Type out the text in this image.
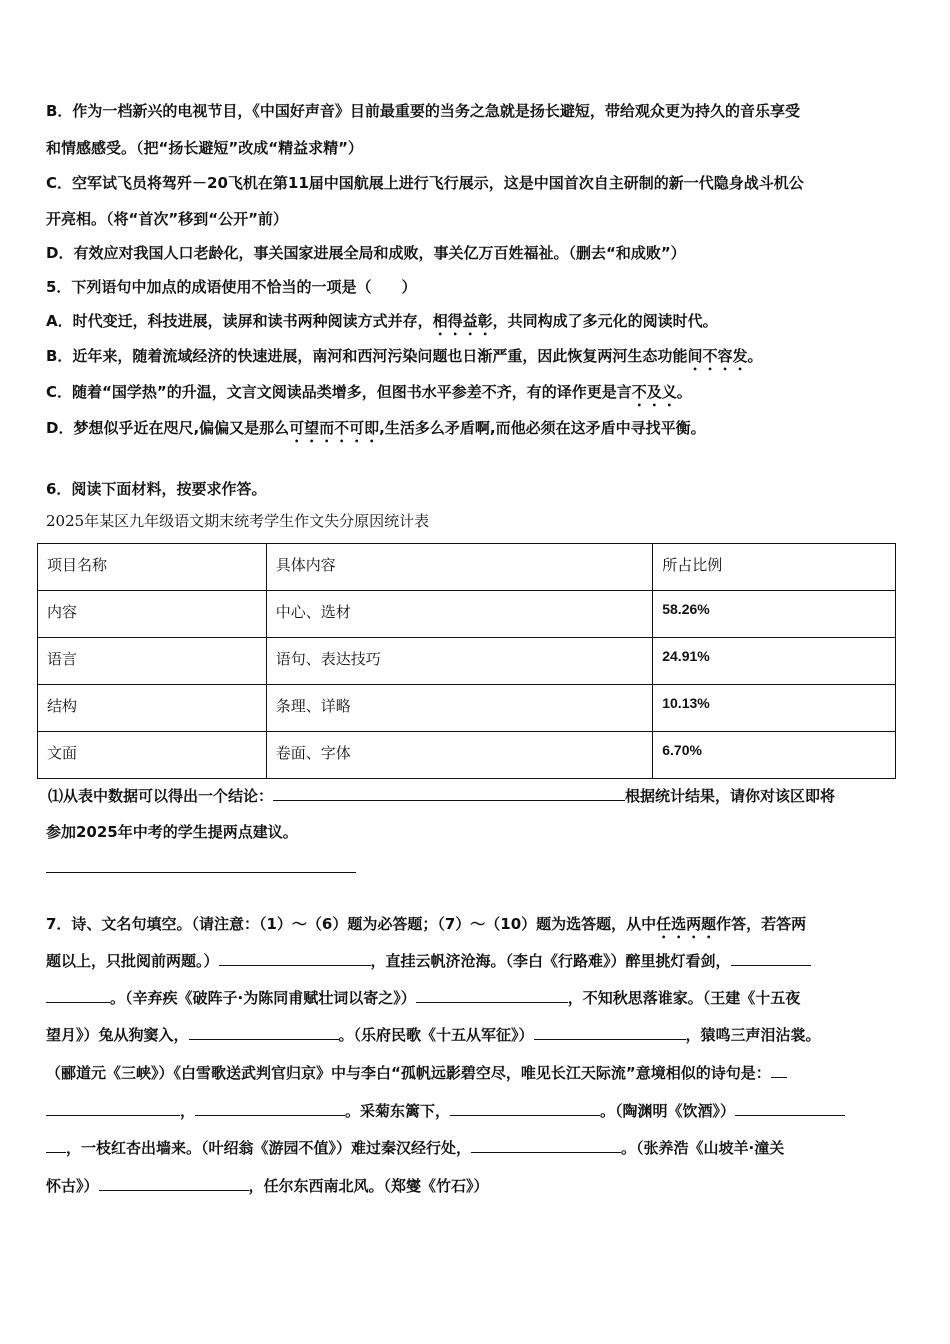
B．作为一档新兴的电视节目，《中国好声音》目前最重要的当务之急就是扬长避短，带给观众更为持久的音乐享受
和情感感受。（把“扬长避短”改成“精益求精”）
C．空军试飞员将驾歼－20飞机在第11届中国航展上进行飞行展示，这是中国首次自主研制的新一代隐身战斗机公
开亮相。（将“首次”移到“公开”前）
D．有效应对我国人口老龄化，事关国家进展全局和成败，事关亿万百姓福祉。（删去“和成败”）
5．下列语句中加点的成语使用不恰当的一项是（　　）
A．时代变迁，科技进展，读屏和读书两种阅读方式并存，相得益彰，共同构成了多元化的阅读时代。
B．近年来，随着流域经济的快速进展，南河和西河污染问题也日渐严重，因此恢复两河生态功能间不容发。
C．随着“国学热”的升温，文言文阅读品类增多，但图书水平参差不齐，有的译作更是言不及义。
D．梦想似乎近在咫尺,偏偏又是那么可望而不可即,生活多么矛盾啊,而他必须在这矛盾中寻找平衡。
6．阅读下面材料，按要求作答。
2025年某区九年级语文期末统考学生作文失分原因统计表
项目名称	具体内容	所占比例

内容	中心、选材	58.26%

语言	语句、表达技巧	24.91%

结构	条理、详略	10.13%

文面	卷面、字体	6.70%
⑴从表中数据可以得出一个结论：	根据统计结果，请你对该区即将
参加2025年中考的学生提两点建议。
7．诗、文名句填空。（请注意：（1）～（6）题为必答题；（7）～（10）题为选答题，从中任选两题作答，若答两
题以上，只批阅前两题。）	，直挂云帆济沧海。（李白《行路难》）醉里挑灯看剑，
。（辛弃疾《破阵子·为陈同甫赋壮词以寄之》）	，不知秋思落谁家。（王建《十五夜
望月》）兔从狗窦入，	。（乐府民歌《十五从军征》）	，猿鸣三声泪沾裳。
（郦道元《三峡》）《白雪歌送武判官归京》中与李白“孤帆远影碧空尽，唯见长江天际流”意境相似的诗句是：
，	。采菊东篱下，	。（陶渊明《饮酒》）
，一枝红杏出墙来。（叶绍翁《游园不值》）难过秦汉经行处，	。（张养浩《山坡羊·潼关
怀古》）	，任尔东西南北风。（郑燮《竹石》）
